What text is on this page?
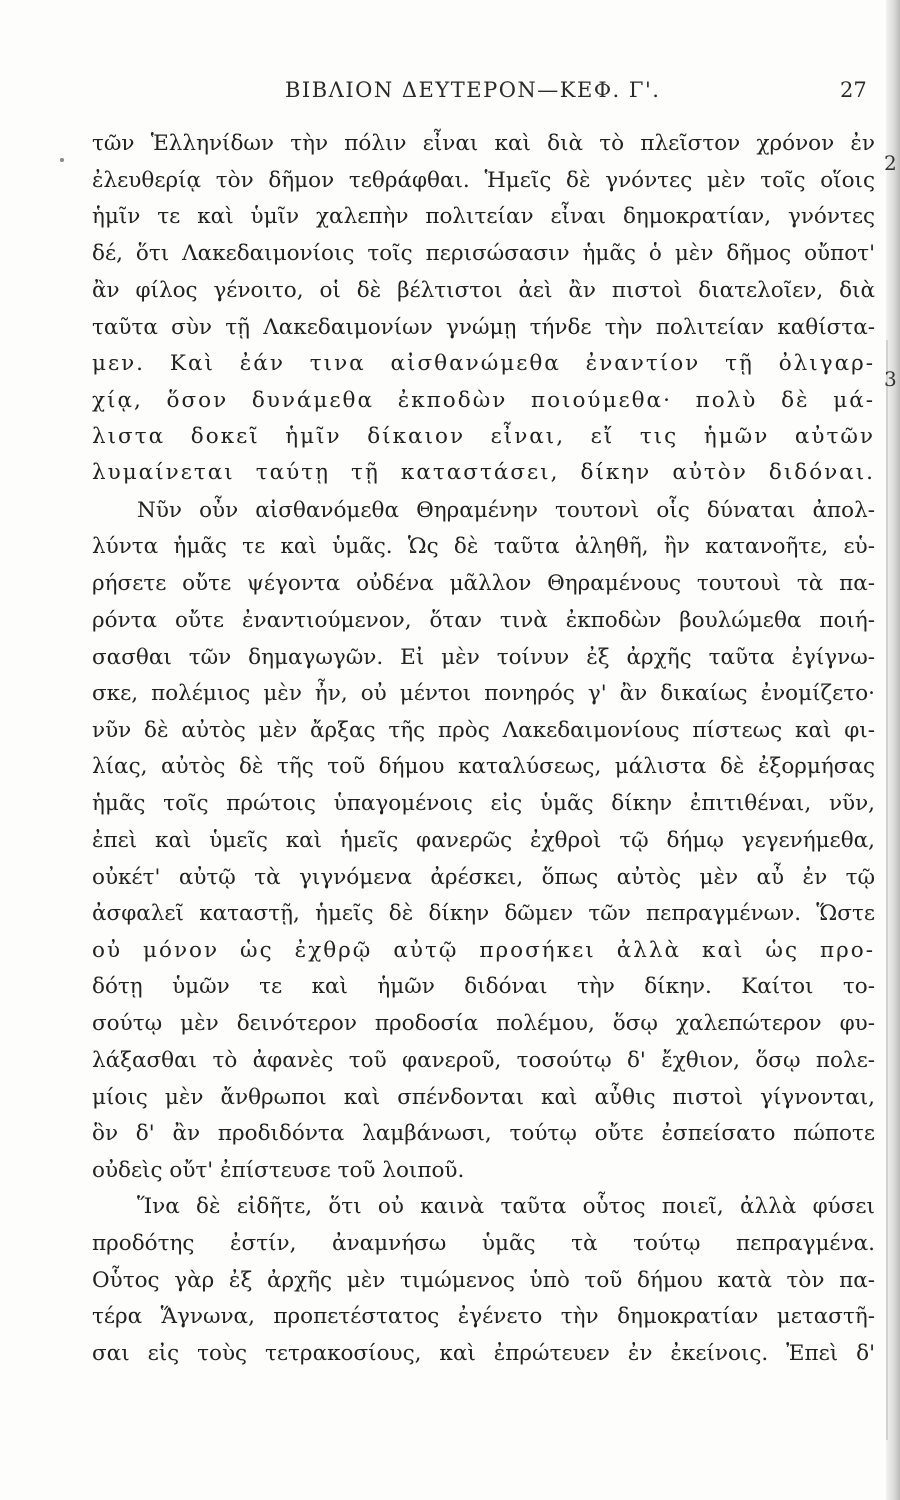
ΒΙΒΛΙΟΝ ΔΕΥΤΕΡΟΝ—ΚΕΦ. Γ'.	27
2
3
τῶν Ἑλληνίδων τὴν πόλιν εἶναι καὶ διὰ τὸ πλεῖστον χρόνον ἐν
ἐλευθερίᾳ τὸν δῆμον τεθράφθαι. Ἡμεῖς δὲ γνόντες μὲν τοῖς οἵοις
ἡμῖν τε καὶ ὑμῖν χαλεπὴν πολιτείαν εἶναι δημοκρατίαν, γνόντες
δέ, ὅτι Λακεδαιμονίοις τοῖς περισώσασιν ἡμᾶς ὁ μὲν δῆμος οὔποτ'
ἂν φίλος γένοιτο, οἱ δὲ βέλτιστοι ἀεὶ ἂν πιστοὶ διατελοῖεν, διὰ
ταῦτα σὺν τῇ Λακεδαιμονίων γνώμῃ τήνδε τὴν πολιτείαν καθίστα-
μεν. Καὶ ἐάν τινα αἰσθανώμεθα ἐναντίον τῇ ὀλιγαρ-
χίᾳ, ὅσον δυνάμεθα ἐκποδὼν ποιούμεθα· πολὺ δὲ μά-
λιστα δοκεῖ ἡμῖν δίκαιον εἶναι, εἴ τις ἡμῶν αὐτῶν
λυμαίνεται ταύτῃ τῇ καταστάσει, δίκην αὐτὸν διδόναι.
Νῦν οὖν αἰσθανόμεθα Θηραμένην τουτονὶ οἷς δύναται ἀπολ-
λύντα ἡμᾶς τε καὶ ὑμᾶς. Ὡς δὲ ταῦτα ἀληθῆ, ἢν κατανοῆτε, εὑ-
ρήσετε οὔτε ψέγοντα οὐδένα μᾶλλον Θηραμένους τουτουὶ τὰ πα-
ρόντα οὔτε ἐναντιούμενον, ὅταν τινὰ ἐκποδὼν βουλώμεθα ποιή-
σασθαι τῶν δημαγωγῶν. Εἰ μὲν τοίνυν ἐξ ἀρχῆς ταῦτα ἐγίγνω-
σκε, πολέμιος μὲν ἦν, οὐ μέντοι πονηρός γ' ἂν δικαίως ἐνομίζετο·
νῦν δὲ αὐτὸς μὲν ἄρξας τῆς πρὸς Λακεδαιμονίους πίστεως καὶ φι-
λίας, αὐτὸς δὲ τῆς τοῦ δήμου καταλύσεως, μάλιστα δὲ ἐξορμήσας
ἡμᾶς τοῖς πρώτοις ὑπαγομένοις εἰς ὑμᾶς δίκην ἐπιτιθέναι, νῦν,
ἐπεὶ καὶ ὑμεῖς καὶ ἡμεῖς φανερῶς ἐχθροὶ τῷ δήμῳ γεγενήμεθα,
οὐκέτ' αὐτῷ τὰ γιγνόμενα ἀρέσκει, ὅπως αὐτὸς μὲν αὖ ἐν τῷ
ἀσφαλεῖ καταστῇ, ἡμεῖς δὲ δίκην δῶμεν τῶν πεπραγμένων. Ὥστε
οὐ μόνον ὡς ἐχθρῷ αὐτῷ προσήκει ἀλλὰ καὶ ὡς προ-
δότῃ ὑμῶν τε καὶ ἡμῶν διδόναι τὴν δίκην. Καίτοι το-
σούτῳ μὲν δεινότερον προδοσία πολέμου, ὅσῳ χαλεπώτερον φυ-
λάξασθαι τὸ ἀφανὲς τοῦ φανεροῦ, τοσούτῳ δ' ἔχθιον, ὅσῳ πολε-
μίοις μὲν ἄνθρωποι καὶ σπένδονται καὶ αὖθις πιστοὶ γίγνονται,
ὃν δ' ἂν προδιδόντα λαμβάνωσι, τούτῳ οὔτε ἐσπείσατο πώποτε
οὐδεὶς οὔτ' ἐπίστευσε τοῦ λοιποῦ.
Ἵνα δὲ εἰδῆτε, ὅτι οὐ καινὰ ταῦτα οὗτος ποιεῖ, ἀλλὰ φύσει
προδότης ἐστίν, ἀναμνήσω ὑμᾶς τὰ τούτῳ πεπραγμένα.
Οὗτος γὰρ ἐξ ἀρχῆς μὲν τιμώμενος ὑπὸ τοῦ δήμου κατὰ τὸν πα-
τέρα Ἅγνωνα, προπετέστατος ἐγένετο τὴν δημοκρατίαν μεταστῆ-
σαι εἰς τοὺς τετρακοσίους, καὶ ἐπρώτευεν ἐν ἐκείνοις. Ἐπεὶ δ'
